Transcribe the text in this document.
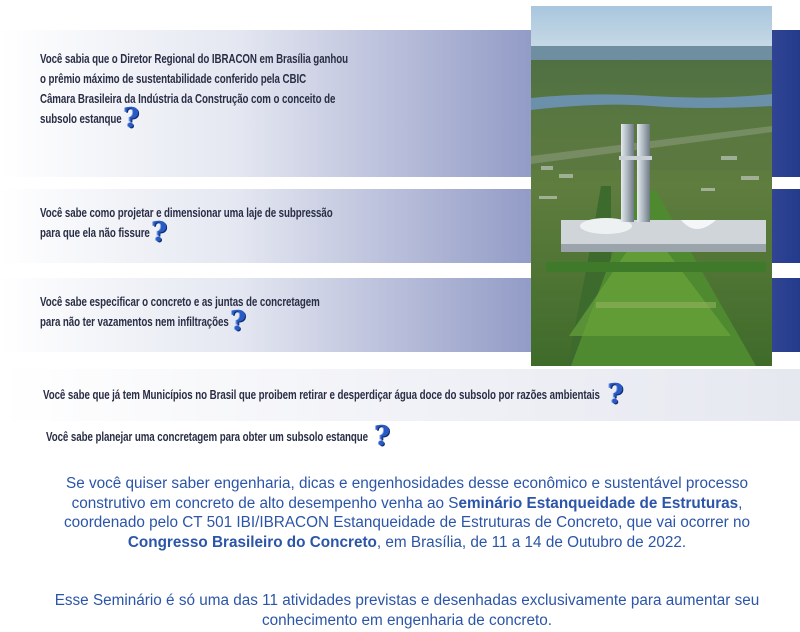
Você sabia que o Diretor Regional do IBRACON em Brasília ganhou
o prêmio máximo de sustentabilidade conferido pela CBIC
Câmara Brasileira da Indústria da Construção com o conceito de
subsolo estanque?
Você sabe como projetar e dimensionar uma laje de subpressão
para que ela não fissure?
Você sabe especificar o concreto e as juntas de concretagem
para não ter vazamentos nem infiltrações?
Você sabe que já tem Municípios no Brasil que proibem retirar e desperdiçar água doce do subsolo por razões ambientais ?
Você sabe planejar uma concretagem para obter um subsolo estanque ?

Se você quiser saber engenharia, dicas e engenhosidades desse econômico e sustentável processo construtivo em concreto de alto desempenho venha ao Seminário Estanqueidade de Estruturas, coordenado pelo CT 501 IBI/IBRACON Estanqueidade de Estruturas de Concreto, que vai ocorrer no Congresso Brasileiro do Concreto, em Brasília, de 11 a 14 de Outubro de 2022.

Esse Seminário é só uma das 11 atividades previstas e desenhadas exclusivamente para aumentar seu conhecimento em engenharia de concreto.
